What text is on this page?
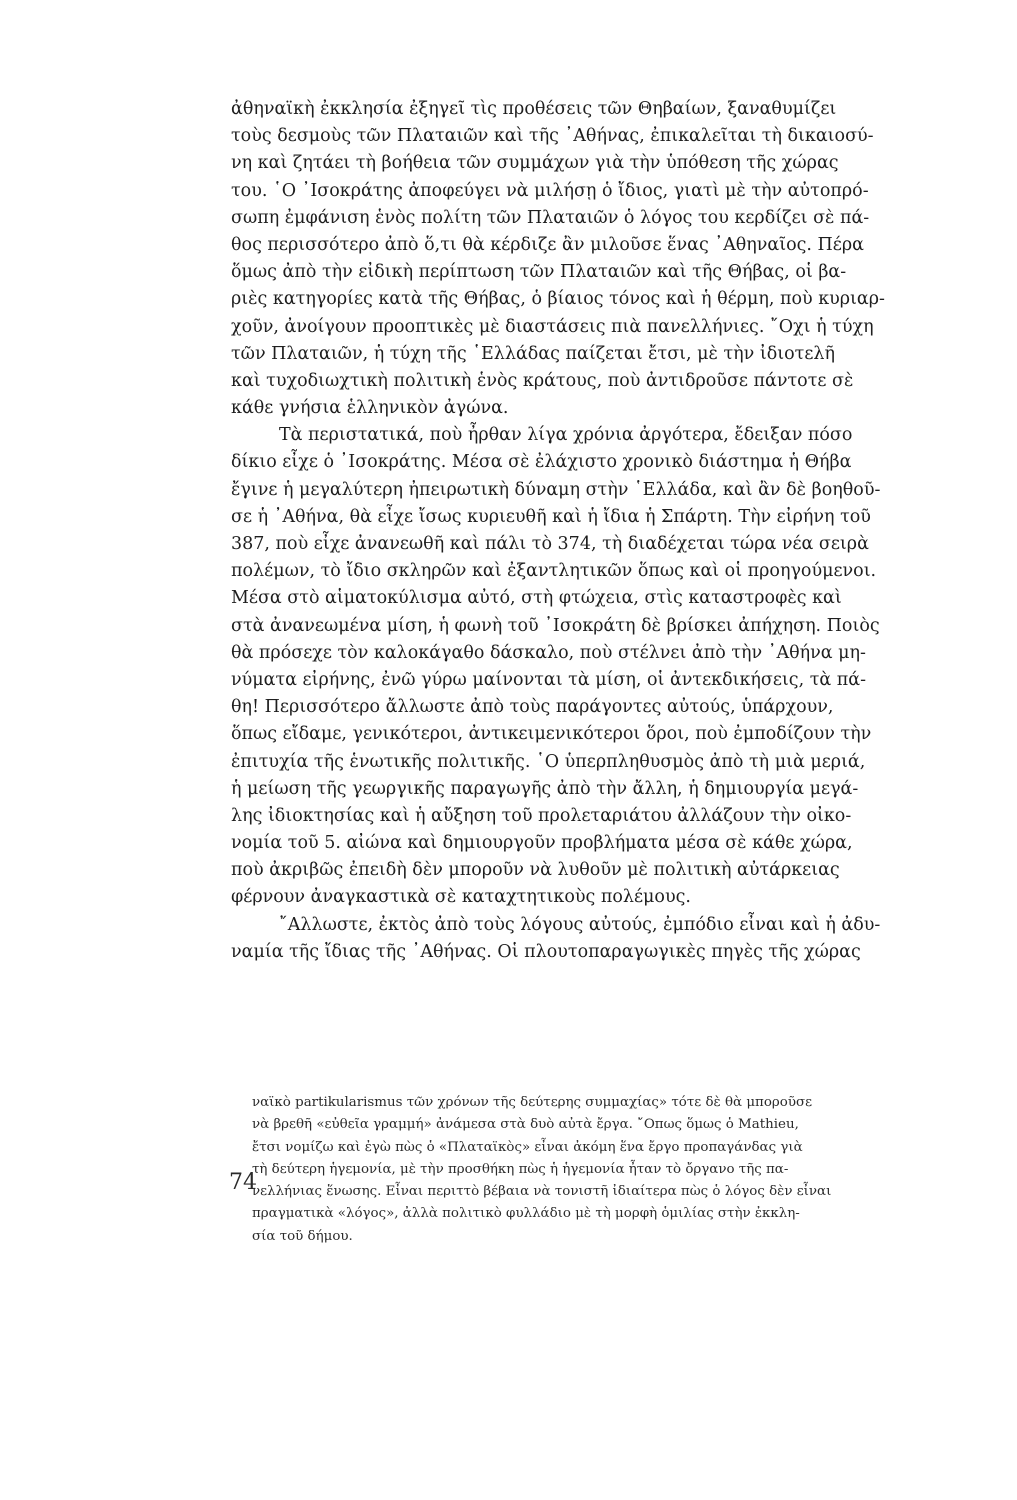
ἀθηναϊκὴ ἐκκλησία ἐξηγεῖ τὶς προθέσεις τῶν Θηβαίων, ξαναθυμίζει
τοὺς δεσμοὺς τῶν Πλαταιῶν καὶ τῆς ᾿Αθήνας, ἐπικαλεῖται τὴ δικαιοσύ-
νη καὶ ζητάει τὴ βοήθεια τῶν συμμάχων γιὰ τὴν ὑπόθεση τῆς χώρας
του. ῾Ο ᾿Ισοκράτης ἀποφεύγει νὰ μιλήσῃ ὁ ἴδιος, γιατὶ μὲ τὴν αὐτοπρό-
σωπη ἐμφάνιση ἑνὸς πολίτη τῶν Πλαταιῶν ὁ λόγος του κερδίζει σὲ πά-
θος περισσότερο ἀπὸ ὅ,τι θὰ κέρδιζε ἂν μιλοῦσε ἕνας ᾿Αθηναῖος. Πέρα
ὅμως ἀπὸ τὴν εἰδικὴ περίπτωση τῶν Πλαταιῶν καὶ τῆς Θήβας, οἱ βα-
ριὲς κατηγορίες κατὰ τῆς Θήβας, ὁ βίαιος τόνος καὶ ἡ θέρμη, ποὺ κυριαρ-
χοῦν, ἀνοίγουν προοπτικὲς μὲ διαστάσεις πιὰ πανελλήνιες. ῎Οχι ἡ τύχη
τῶν Πλαταιῶν, ἡ τύχη τῆς ῾Ελλάδας παίζεται ἔτσι, μὲ τὴν ἰδιοτελῆ
καὶ τυχοδιωχτικὴ πολιτικὴ ἑνὸς κράτους, ποὺ ἀντιδροῦσε πάντοτε σὲ
κάθε γνήσια ἑλληνικὸν ἀγώνα.
Τὰ περιστατικά, ποὺ ἦρθαν λίγα χρόνια ἀργότερα, ἔδειξαν πόσο
δίκιο εἶχε ὁ ᾿Ισοκράτης. Μέσα σὲ ἐλάχιστο χρονικὸ διάστημα ἡ Θήβα
ἔγινε ἡ μεγαλύτερη ἠπειρωτικὴ δύναμη στὴν ῾Ελλάδα, καὶ ἂν δὲ βοηθοῦ-
σε ἡ ᾿Αθήνα, θὰ εἶχε ἴσως κυριευθῆ καὶ ἡ ἴδια ἡ Σπάρτη. Τὴν εἰρήνη τοῦ
387, ποὺ εἶχε ἀνανεωθῆ καὶ πάλι τὸ 374, τὴ διαδέχεται τώρα νέα σειρὰ
πολέμων, τὸ ἴδιο σκληρῶν καὶ ἐξαντλητικῶν ὅπως καὶ οἱ προηγούμενοι.
Μέσα στὸ αἱματοκύλισμα αὐτό, στὴ φτώχεια, στὶς καταστροφὲς καὶ
στὰ ἀνανεωμένα μίση, ἡ φωνὴ τοῦ ᾿Ισοκράτη δὲ βρίσκει ἀπήχηση. Ποιὸς
θὰ πρόσεχε τὸν καλοκάγαθο δάσκαλο, ποὺ στέλνει ἀπὸ τὴν ᾿Αθήνα μη-
νύματα εἰρήνης, ἐνῶ γύρω μαίνονται τὰ μίση, οἱ ἀντεκδικήσεις, τὰ πά-
θη! Περισσότερο ἄλλωστε ἀπὸ τοὺς παράγοντες αὐτούς, ὑπάρχουν,
ὅπως εἴδαμε, γενικότεροι, ἀντικειμενικότεροι ὅροι, ποὺ ἐμποδίζουν τὴν
ἐπιτυχία τῆς ἑνωτικῆς πολιτικῆς. ῾Ο ὑπερπληθυσμὸς ἀπὸ τὴ μιὰ μεριά,
ἡ μείωση τῆς γεωργικῆς παραγωγῆς ἀπὸ τὴν ἄλλη, ἡ δημιουργία μεγά-
λης ἰδιοκτησίας καὶ ἡ αὔξηση τοῦ προλεταριάτου ἀλλάζουν τὴν οἰκο-
νομία τοῦ 5. αἰώνα καὶ δημιουργοῦν προβλήματα μέσα σὲ κάθε χώρα,
ποὺ ἀκριβῶς ἐπειδὴ δὲν μποροῦν νὰ λυθοῦν μὲ πολιτικὴ αὐτάρκειας
φέρνουν ἀναγκαστικὰ σὲ καταχτητικοὺς πολέμους.
῎Αλλωστε, ἐκτὸς ἀπὸ τοὺς λόγους αὐτούς, ἐμπόδιο εἶναι καὶ ἡ ἀδυ-
ναμία τῆς ἴδιας τῆς ᾿Αθήνας. Οἱ πλουτοπαραγωγικὲς πηγὲς τῆς χώρας
ναϊκὸ partikularismus τῶν χρόνων τῆς δεύτερης συμμαχίας» τότε δὲ θὰ μποροῦσε
νὰ βρεθῆ «εὐθεῖα γραμμή» ἀνάμεσα στὰ δυὸ αὐτὰ ἔργα. ῎Οπως ὅμως ὁ Mathieu,
ἔτσι νομίζω καὶ ἐγὼ πὼς ὁ «Πλαταϊκὸς» εἶναι ἀκόμη ἕνα ἔργο προπαγάνδας γιὰ
τὴ δεύτερη ἡγεμονία, μὲ τὴν προσθήκη πὼς ἡ ἡγεμονία ἦταν τὸ ὄργανο τῆς πα-
νελλήνιας ἕνωσης. Εἶναι περιττὸ βέβαια νὰ τονιστῆ ἰδιαίτερα πὼς ὁ λόγος δὲν εἶναι
πραγματικὰ «λόγος», ἀλλὰ πολιτικὸ φυλλάδιο μὲ τὴ μορφὴ ὁμιλίας στὴν ἐκκλη-
σία τοῦ δήμου.
74
